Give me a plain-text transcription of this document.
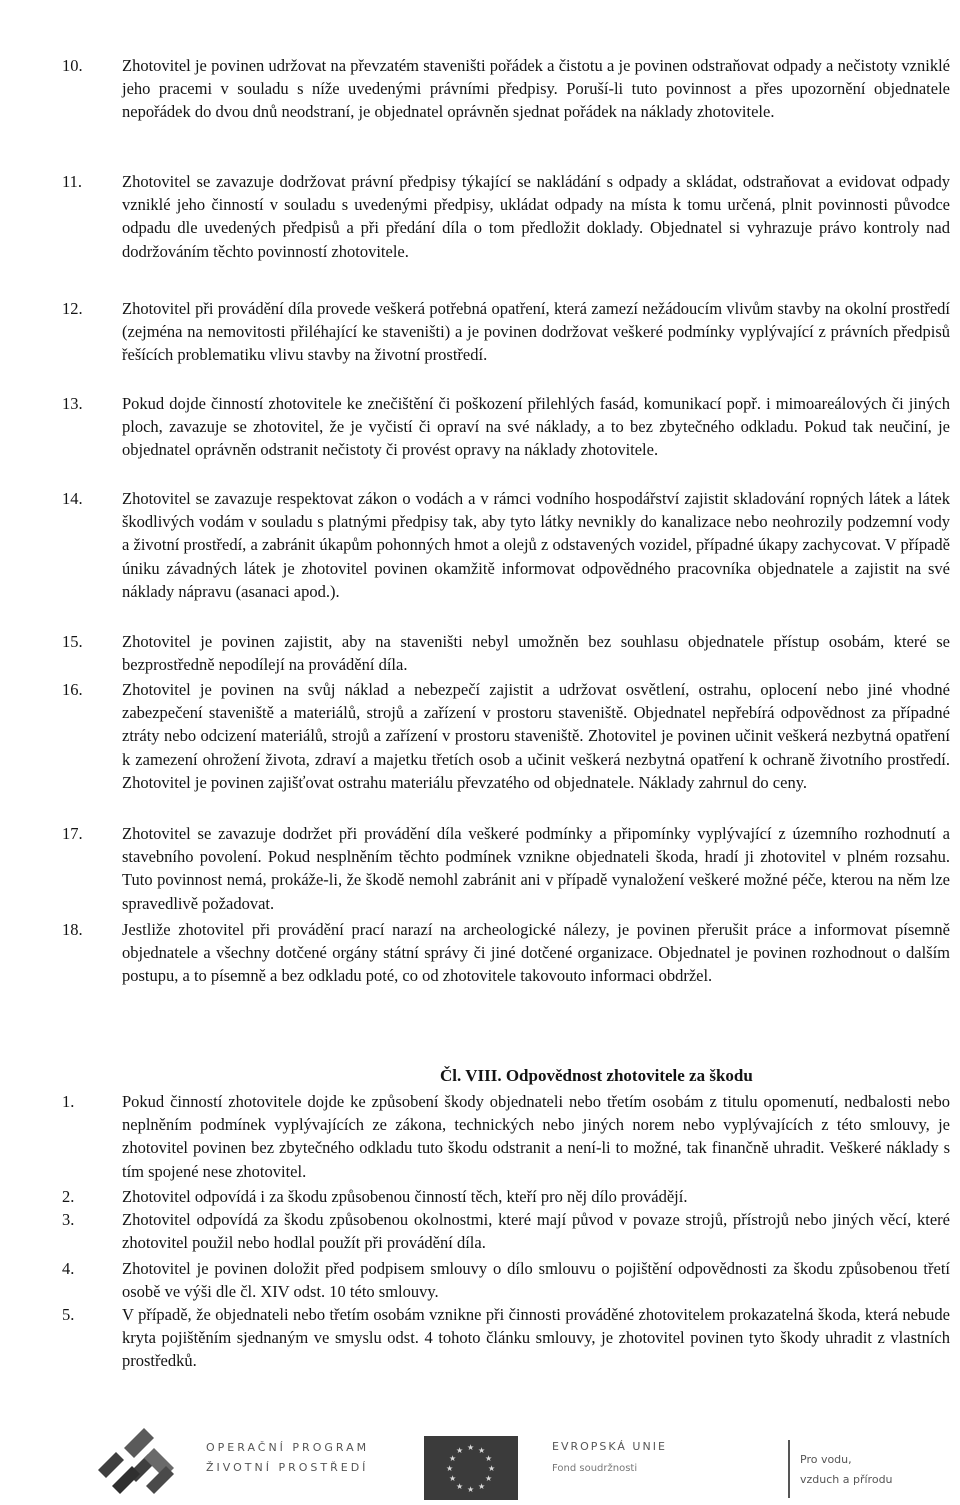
10.	Zhotovitel je povinen udržovat na převzatém staveništi pořádek a čistotu a je povinen odstraňovat odpady a nečistoty vzniklé jeho pracemi v souladu s níže uvedenými právními předpisy. Poruší-li tuto povinnost a přes upozornění objednatele nepořádek do dvou dnů neodstraní, je objednatel oprávněn sjednat pořádek na náklady zhotovitele.
11.	Zhotovitel se zavazuje dodržovat právní předpisy týkající se nakládání s odpady a skládat, odstraňovat a evidovat odpady vzniklé jeho činností v souladu s uvedenými předpisy, ukládat odpady na místa k tomu určená, plnit povinnosti původce odpadu dle uvedených předpisů a při předání díla o tom předložit doklady. Objednatel si vyhrazuje právo kontroly nad dodržováním těchto povinností zhotovitele.
12.	Zhotovitel při provádění díla provede veškerá potřebná opatření, která zamezí nežádoucím vlivům stavby na okolní prostředí (zejména na nemovitosti přiléhající ke staveništi) a je povinen dodržovat veškeré podmínky vyplývající z právních předpisů řešících problematiku vlivu stavby na životní prostředí.
13.	Pokud dojde činností zhotovitele ke znečištění či poškození přilehlých fasád, komunikací popř. i mimoareálových či jiných ploch, zavazuje se zhotovitel, že je vyčistí či opraví na své náklady, a to bez zbytečného odkladu. Pokud tak neučiní, je objednatel oprávněn odstranit nečistoty či provést opravy na náklady zhotovitele.
14.	Zhotovitel se zavazuje respektovat zákon o vodách a v rámci vodního hospodářství zajistit skladování ropných látek a látek škodlivých vodám v souladu s platnými předpisy tak, aby tyto látky nevnikly do kanalizace nebo neohrozily podzemní vody a životní prostředí, a zabránit úkapům pohonných hmot a olejů z odstavených vozidel, případné úkapy zachycovat. V případě úniku závadných látek je zhotovitel povinen okamžitě informovat odpovědného pracovníka objednatele a zajistit na své náklady nápravu (asanaci apod.).
15.	Zhotovitel je povinen zajistit, aby na staveništi nebyl umožněn bez souhlasu objednatele přístup osobám, které se bezprostředně nepodílejí na provádění díla.
16.	Zhotovitel je povinen na svůj náklad a nebezpečí zajistit a udržovat osvětlení, ostrahu, oplocení nebo jiné vhodné zabezpečení staveniště a materiálů, strojů a zařízení v prostoru staveniště. Objednatel nepřebírá odpovědnost za případné ztráty nebo odcizení materiálů, strojů a zařízení v prostoru staveniště. Zhotovitel je povinen učinit veškerá nezbytná opatření k zamezení ohrožení života, zdraví a majetku třetích osob a učinit veškerá nezbytná opatření k ochraně životního prostředí. Zhotovitel je povinen zajišťovat ostrahu materiálu převzatého od objednatele. Náklady zahrnul do ceny.
17.	Zhotovitel se zavazuje dodržet při provádění díla veškeré podmínky a připomínky vyplývající z územního rozhodnutí a stavebního povolení. Pokud nesplněním těchto podmínek vznikne objednateli škoda, hradí ji zhotovitel v plném rozsahu. Tuto povinnost nemá, prokáže-li, že škodě nemohl zabránit ani v případě vynaložení veškeré možné péče, kterou na něm lze spravedlivě požadovat.
18.	Jestliže zhotovitel při provádění prací narazí na archeologické nálezy, je povinen přerušit práce a informovat písemně objednatele a všechny dotčené orgány státní správy či jiné dotčené organizace. Objednatel je povinen rozhodnout o dalším postupu, a to písemně a bez odkladu poté, co od zhotovitele takovouto informaci obdržel.
Čl. VIII. Odpovědnost zhotovitele za škodu
1.	Pokud činností zhotovitele dojde ke způsobení škody objednateli nebo třetím osobám z titulu opomenutí, nedbalosti nebo neplněním podmínek vyplývajících ze zákona, technických nebo jiných norem nebo vyplývajících z této smlouvy, je zhotovitel povinen bez zbytečného odkladu tuto škodu odstranit a není-li to možné, tak finančně uhradit. Veškeré náklady s tím spojené nese zhotovitel.
2.	Zhotovitel odpovídá i za škodu způsobenou činností těch, kteří pro něj dílo provádějí.
3.	Zhotovitel odpovídá za škodu způsobenou okolnostmi, které mají původ v povaze strojů, přístrojů nebo jiných věcí, které zhotovitel použil nebo hodlal použít při provádění díla.
4.	Zhotovitel je povinen doložit před podpisem smlouvy o dílo smlouvu o pojištění odpovědnosti za škodu způsobenou třetí osobě ve výši dle čl. XIV odst. 10 této smlouvy.
5.	V případě, že objednateli nebo třetím osobám vznikne při činnosti prováděné zhotovitelem prokazatelná škoda, která nebude kryta pojištěním sjednaným ve smyslu odst. 4 tohoto článku smlouvy, je zhotovitel povinen tyto škody uhradit z vlastních prostředků.
OPERAČNÍ PROGRAM
ŽIVOTNÍ PROSTŘEDÍ
★ ★
★
★
★
★
★
★
★
★
★
★	EVROPSKÁ UNIE
Fond soudržnosti
Pro vodu,
vzduch a přírodu
